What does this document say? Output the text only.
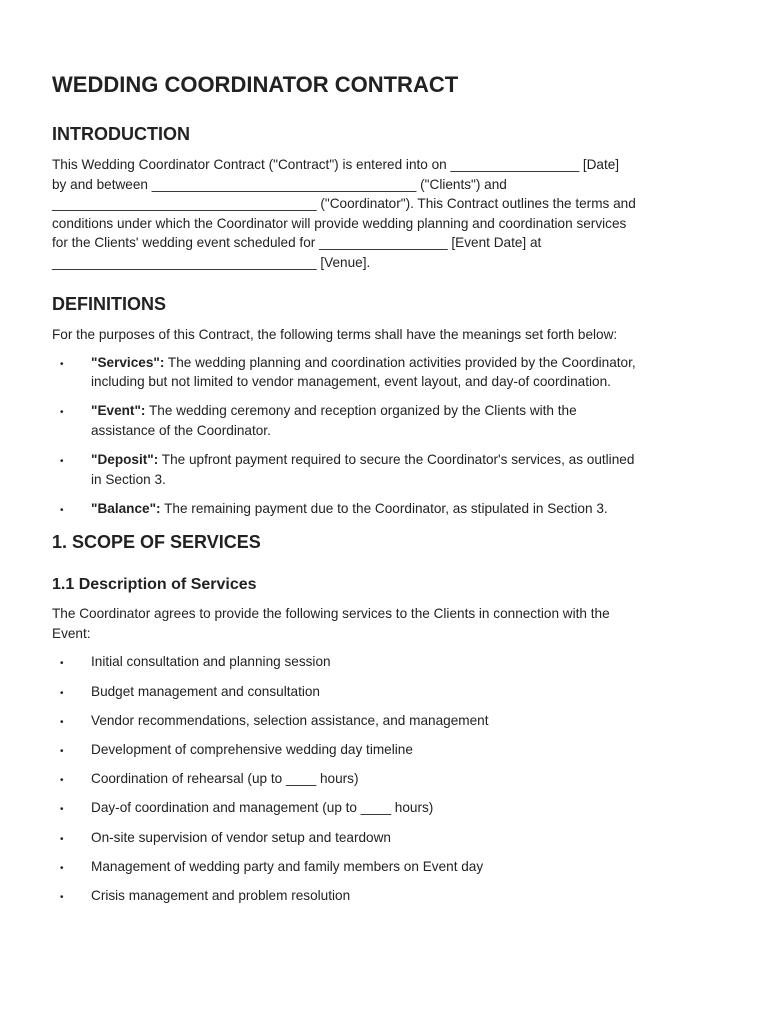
WEDDING COORDINATOR CONTRACT
INTRODUCTION

This Wedding Coordinator Contract ("Contract") is entered into on _________________ [Date]
by and between ___________________________________ ("Clients") and
___________________________________ ("Coordinator"). This Contract outlines the terms and
conditions under which the Coordinator will provide wedding planning and coordination services
for the Clients' wedding event scheduled for _________________ [Event Date] at
___________________________________ [Venue].

DEFINITIONS

For the purposes of this Contract, the following terms shall have the meanings set forth below:

• "Services": The wedding planning and coordination activities provided by the Coordinator,
including but not limited to vendor management, event layout, and day-of coordination.
• "Event": The wedding ceremony and reception organized by the Clients with the
assistance of the Coordinator.
• "Deposit": The upfront payment required to secure the Coordinator's services, as outlined
in Section 3.
• "Balance": The remaining payment due to the Coordinator, as stipulated in Section 3.
1. SCOPE OF SERVICES
1.1 Description of Services

The Coordinator agrees to provide the following services to the Clients in connection with the
Event:

• Initial consultation and planning session
• Budget management and consultation
• Vendor recommendations, selection assistance, and management
• Development of comprehensive wedding day timeline
• Coordination of rehearsal (up to ____ hours)
• Day-of coordination and management (up to ____ hours)
• On-site supervision of vendor setup and teardown
• Management of wedding party and family members on Event day
• Crisis management and problem resolution
